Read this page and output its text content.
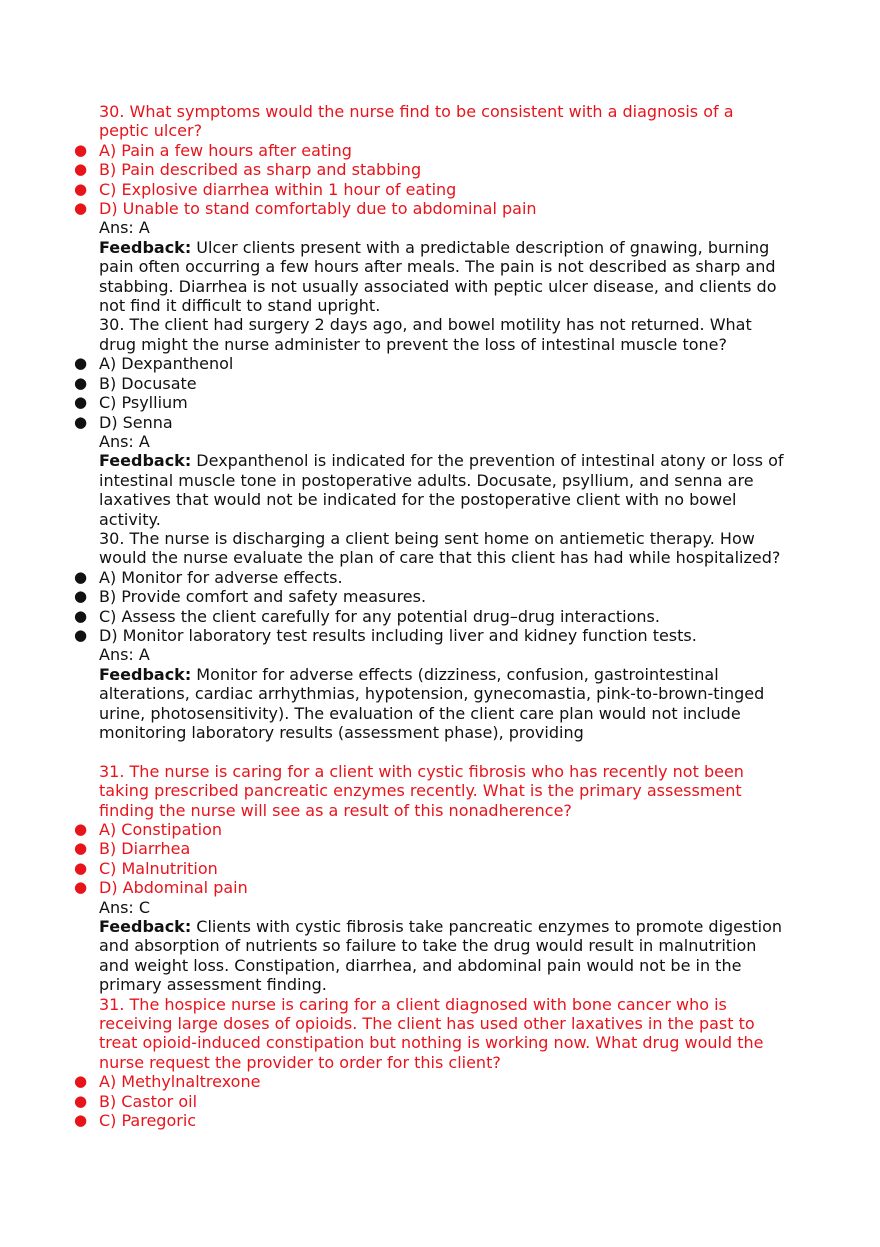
30. What symptoms would the nurse find to be consistent with a diagnosis of a
peptic ulcer?
● A) Pain a few hours after eating
● B) Pain described as sharp and stabbing
● C) Explosive diarrhea within 1 hour of eating
● D) Unable to stand comfortably due to abdominal pain
Ans: A
Feedback: Ulcer clients present with a predictable description of gnawing, burning
pain often occurring a few hours after meals. The pain is not described as sharp and
stabbing. Diarrhea is not usually associated with peptic ulcer disease, and clients do
not find it difficult to stand upright.
30. The client had surgery 2 days ago, and bowel motility has not returned. What
drug might the nurse administer to prevent the loss of intestinal muscle tone?
● A) Dexpanthenol
● B) Docusate
● C) Psyllium
● D) Senna
Ans: A
Feedback: Dexpanthenol is indicated for the prevention of intestinal atony or loss of
intestinal muscle tone in postoperative adults. Docusate, psyllium, and senna are
laxatives that would not be indicated for the postoperative client with no bowel
activity.
30. The nurse is discharging a client being sent home on antiemetic therapy. How
would the nurse evaluate the plan of care that this client has had while hospitalized?
● A) Monitor for adverse effects.
● B) Provide comfort and safety measures.
● C) Assess the client carefully for any potential drug–drug interactions.
● D) Monitor laboratory test results including liver and kidney function tests.
Ans: A
Feedback: Monitor for adverse effects (dizziness, confusion, gastrointestinal
alterations, cardiac arrhythmias, hypotension, gynecomastia, pink-to-brown-tinged
urine, photosensitivity). The evaluation of the client care plan would not include
monitoring laboratory results (assessment phase), providing
31. The nurse is caring for a client with cystic fibrosis who has recently not been
taking prescribed pancreatic enzymes recently. What is the primary assessment
finding the nurse will see as a result of this nonadherence?
● A) Constipation
● B) Diarrhea
● C) Malnutrition
● D) Abdominal pain
Ans: C
Feedback: Clients with cystic fibrosis take pancreatic enzymes to promote digestion
and absorption of nutrients so failure to take the drug would result in malnutrition
and weight loss. Constipation, diarrhea, and abdominal pain would not be in the
primary assessment finding.
31. The hospice nurse is caring for a client diagnosed with bone cancer who is
receiving large doses of opioids. The client has used other laxatives in the past to
treat opioid-induced constipation but nothing is working now. What drug would the
nurse request the provider to order for this client?
● A) Methylnaltrexone
● B) Castor oil
● C) Paregoric
